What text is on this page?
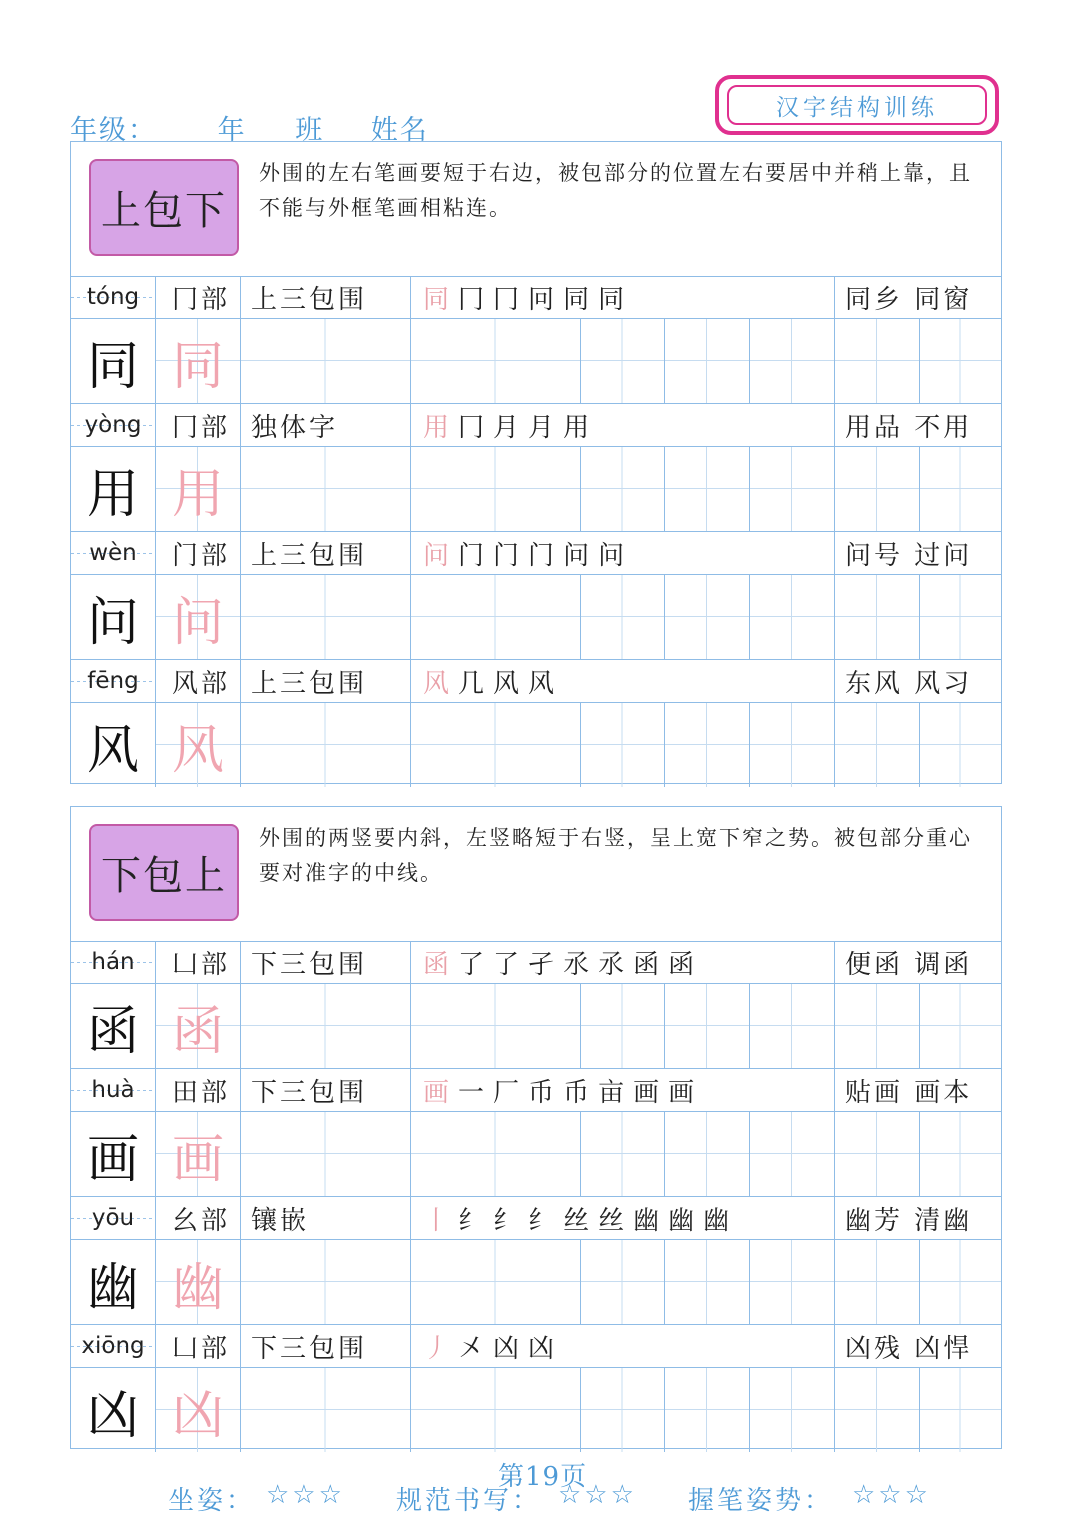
年级： 年 班 姓名
汉字结构训练
上包下
外围的左右笔画要短于右边，被包部分的位置左右要居中并稍上靠，且不能与外框笔画相粘连。
tóng	冂部 上三包围	同 冂 冂 冋 同 同	同乡 同窗
同 同
yòng	冂部 独体字	用 冂 月 月 用	用品 不用
用 用
wèn	门部 上三包围	问 门 门 门 问 问	问号 过问
问 问
fēng	风部 上三包围	风 几 风 风	东风 风习
风 风
下包上
外围的两竖要内斜，左竖略短于右竖，呈上宽下窄之势。被包部分重心要对准字的中线。
hán	凵部 下三包围	函 了 了 孑 氶 氶 函 函	便函 调函
函 函
huà	田部 下三包围	画 一 厂 币 币 亩 画 画	贴画 画本
画 画
yōu	幺部 镶嵌	丨 纟 纟 纟 丝 丝 幽 幽 幽	幽芳 清幽
幽 幽
xiōng	凵部 下三包围	丿 㐅 凶 凶	凶残 凶悍
凶 凶
第19页
坐姿： ☆☆☆ 规范书写： ☆☆☆ 握笔姿势： ☆☆☆
